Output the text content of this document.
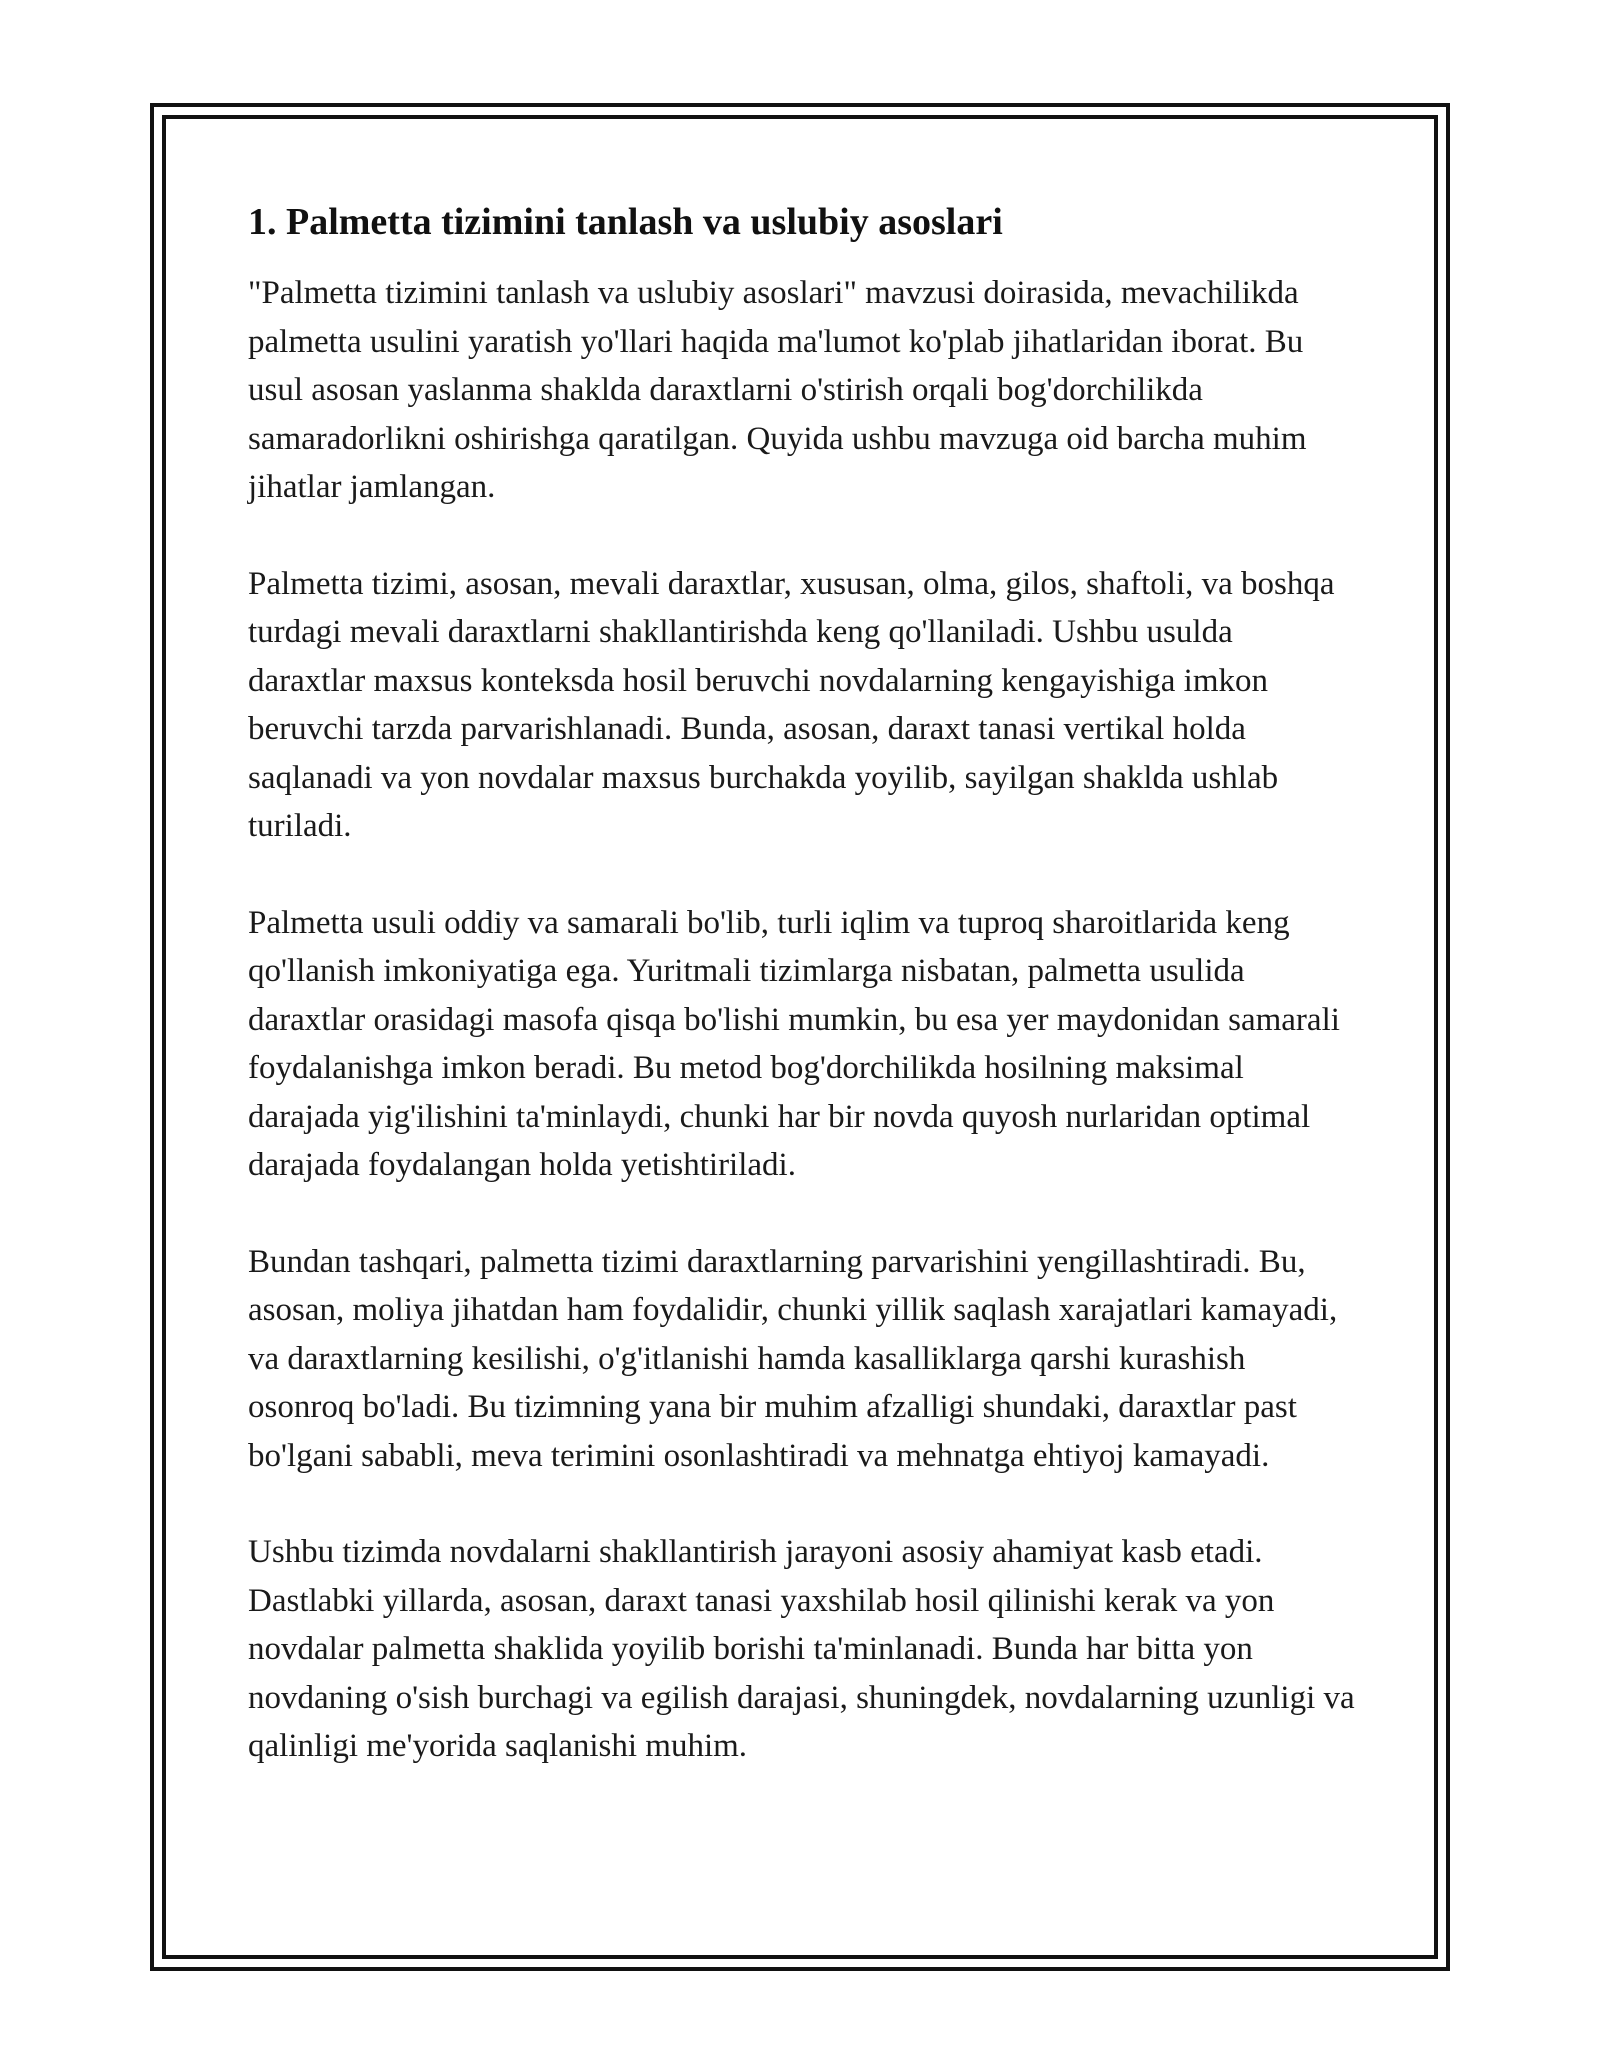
1. Palmetta tizimini tanlash va uslubiy asoslari

"Palmetta tizimini tanlash va uslubiy asoslari" mavzusi doirasida, mevachilikda palmetta usulini yaratish yo'llari haqida ma'lumot ko'plab jihatlaridan iborat. Bu usul asosan yaslanma shaklda daraxtlarni o'stirish orqali bog'dorchilikda samaradorlikni oshirishga qaratilgan. Quyida ushbu mavzuga oid barcha muhim jihatlar jamlangan.

Palmetta tizimi, asosan, mevali daraxtlar, xususan, olma, gilos, shaftoli, va boshqa turdagi mevali daraxtlarni shakllantirishda keng qo'llaniladi. Ushbu usulda daraxtlar maxsus konteksda hosil beruvchi novdalarning kengayishiga imkon beruvchi tarzda parvarishlanadi. Bunda, asosan, daraxt tanasi vertikal holda saqlanadi va yon novdalar maxsus burchakda yoyilib, sayilgan shaklda ushlab turiladi.

Palmetta usuli oddiy va samarali bo'lib, turli iqlim va tuproq sharoitlarida keng qo'llanish imkoniyatiga ega. Yuritmali tizimlarga nisbatan, palmetta usulida daraxtlar orasidagi masofa qisqa bo'lishi mumkin, bu esa yer maydonidan samarali foydalanishga imkon beradi. Bu metod bog'dorchilikda hosilning maksimal darajada yig'ilishini ta'minlaydi, chunki har bir novda quyosh nurlaridan optimal darajada foydalangan holda yetishtiriladi.

Bundan tashqari, palmetta tizimi daraxtlarning parvarishini yengillashtiradi. Bu, asosan, moliya jihatdan ham foydalidir, chunki yillik saqlash xarajatlari kamayadi, va daraxtlarning kesilishi, o'g'itlanishi hamda kasalliklarga qarshi kurashish osonroq bo'ladi. Bu tizimning yana bir muhim afzalligi shundaki, daraxtlar past bo'lgani sababli, meva terimini osonlashtiradi va mehnatga ehtiyoj kamayadi.

Ushbu tizimda novdalarni shakllantirish jarayoni asosiy ahamiyat kasb etadi. Dastlabki yillarda, asosan, daraxt tanasi yaxshilab hosil qilinishi kerak va yon novdalar palmetta shaklida yoyilib borishi ta'minlanadi. Bunda har bitta yon novdaning o'sish burchagi va egilish darajasi, shuningdek, novdalarning uzunligi va qalinligi me'yorida saqlanishi muhim.
